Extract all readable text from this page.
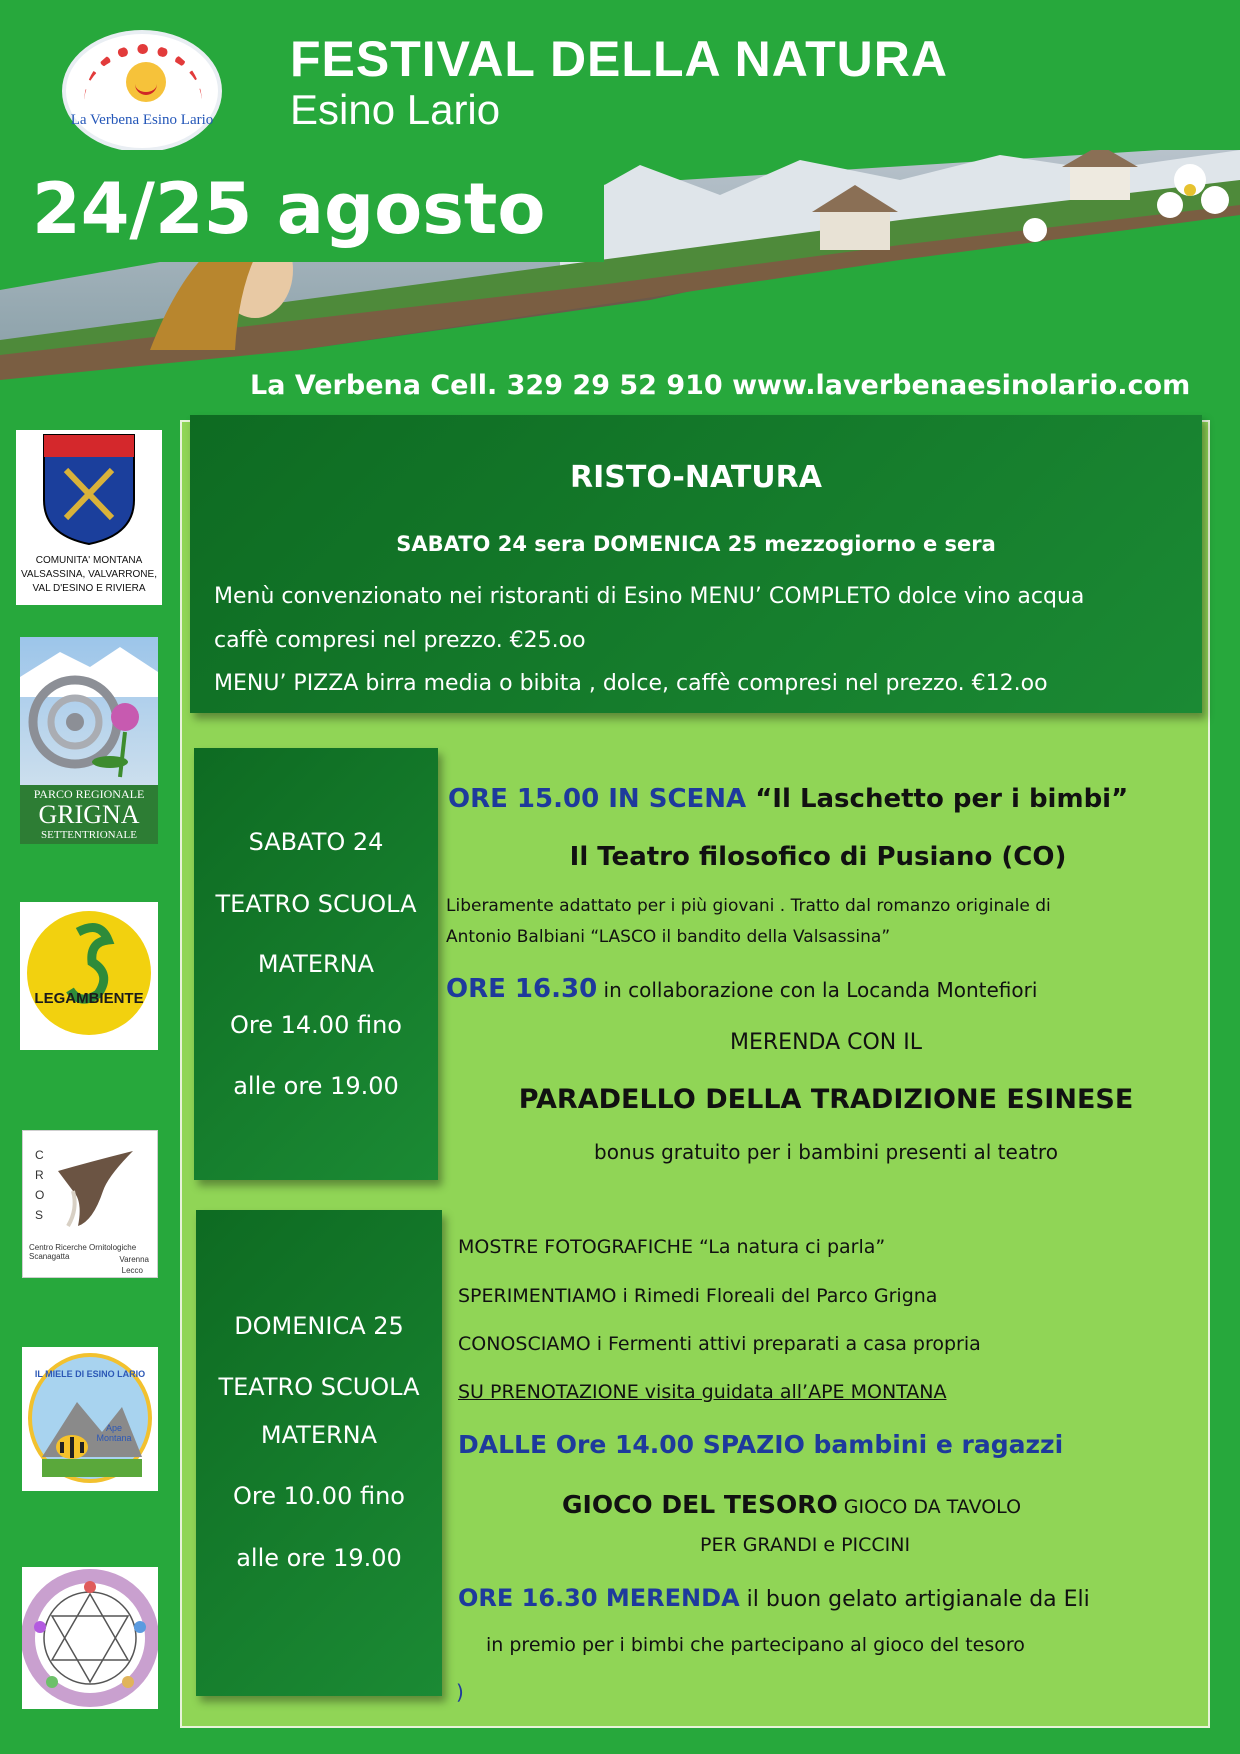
La Verbena Esino Lario
FESTIVAL DELLA NATURA
Esino Lario
24/25 agosto
La Verbena Cell. 329 29 52 910 www.laverbenaesinolario.com
COMUNITA' MONTANA VALSASSINA, VALVARRONE, VAL D'ESINO E RIVIERA
PARCO REGIONALE
GRIGNA
SETTENTRIONALE
LEGAMBIENTE
CROS
Centro Ricerche Ornitologiche Scanagatta	Varenna
Lecco
IL MIELE DI ESINO LARIO
Ape Montana
RISTO-NATURA
SABATO 24 sera DOMENICA 25 mezzogiorno e sera
Menù convenzionato nei ristoranti di Esino MENU’ COMPLETO dolce vino acqua
caffè compresi nel prezzo. €25.oo
MENU’ PIZZA birra media o bibita , dolce, caffè compresi nel prezzo. €12.oo
SABATO 24
TEATRO SCUOLA
MATERNA
Ore 14.00 fino
alle ore 19.00
ORE 15.00 IN SCENA “Il Laschetto per i bimbi”
Il Teatro filosofico di Pusiano (CO)
Liberamente adattato per i più giovani . Tratto dal romanzo originale di
Antonio Balbiani “LASCO il bandito della Valsassina”
ORE 16.30 in collaborazione con la Locanda Montefiori
MERENDA CON IL
PARADELLO DELLA TRADIZIONE ESINESE
bonus gratuito per i bambini presenti al teatro
DOMENICA 25
TEATRO SCUOLA
MATERNA
Ore 10.00 fino
alle ore 19.00
MOSTRE FOTOGRAFICHE “La natura ci parla”
SPERIMENTIAMO i Rimedi Floreali del Parco Grigna
CONOSCIAMO i Fermenti attivi preparati a casa propria
SU PRENOTAZIONE visita guidata all’APE MONTANA
DALLE Ore 14.00 SPAZIO bambini e ragazzi
GIOCO DEL TESORO GIOCO DA TAVOLO
PER GRANDI e PICCINI
ORE 16.30 MERENDA il buon gelato artigianale da Eli
in premio per i bimbi che partecipano al gioco del tesoro
)
